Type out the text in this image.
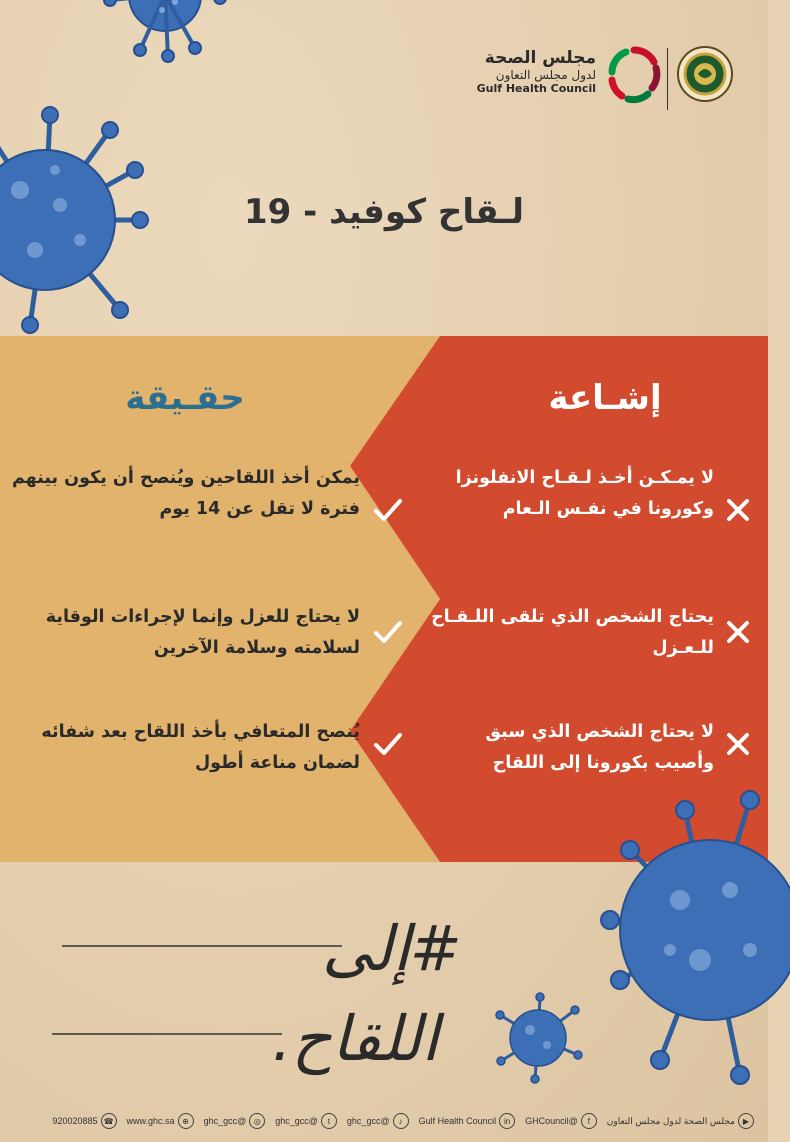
مجلس الصحة
لدول مجلس التعاون
Gulf Health Council
لـقاح كوفيد - 19
حقـيقة	إشـاعة
لا يمـكـن أخـذ لـقـاح الانفلونزا وكورونا في نفـس الـعام
يمكن أخذ اللقاحين ويُنصح أن يكون بينهم فترة لا تقل عن 14 يوم
يحتاج الشخص الذي تلقى اللـقـاح للـعـزل
لا يحتاج للعزل وإنما لإجراءات الوقاية لسلامته وسلامة الآخرين
لا يحتاج الشخص الذي سبق وأصيب بكورونا إلى اللقاح
يُنصح المتعافي بأخذ اللقاح بعد شفائه لضمان مناعة أطول
#إلى
اللقاح.
▶
مجلس الصحة لدول مجلس التعاون
f
@GHCouncil
in
Gulf Health Council
♪
@ghc_gcc
t
@ghc_gcc
◎
@ghc_gcc
⊕
www.ghc.sa
☎
920020885
